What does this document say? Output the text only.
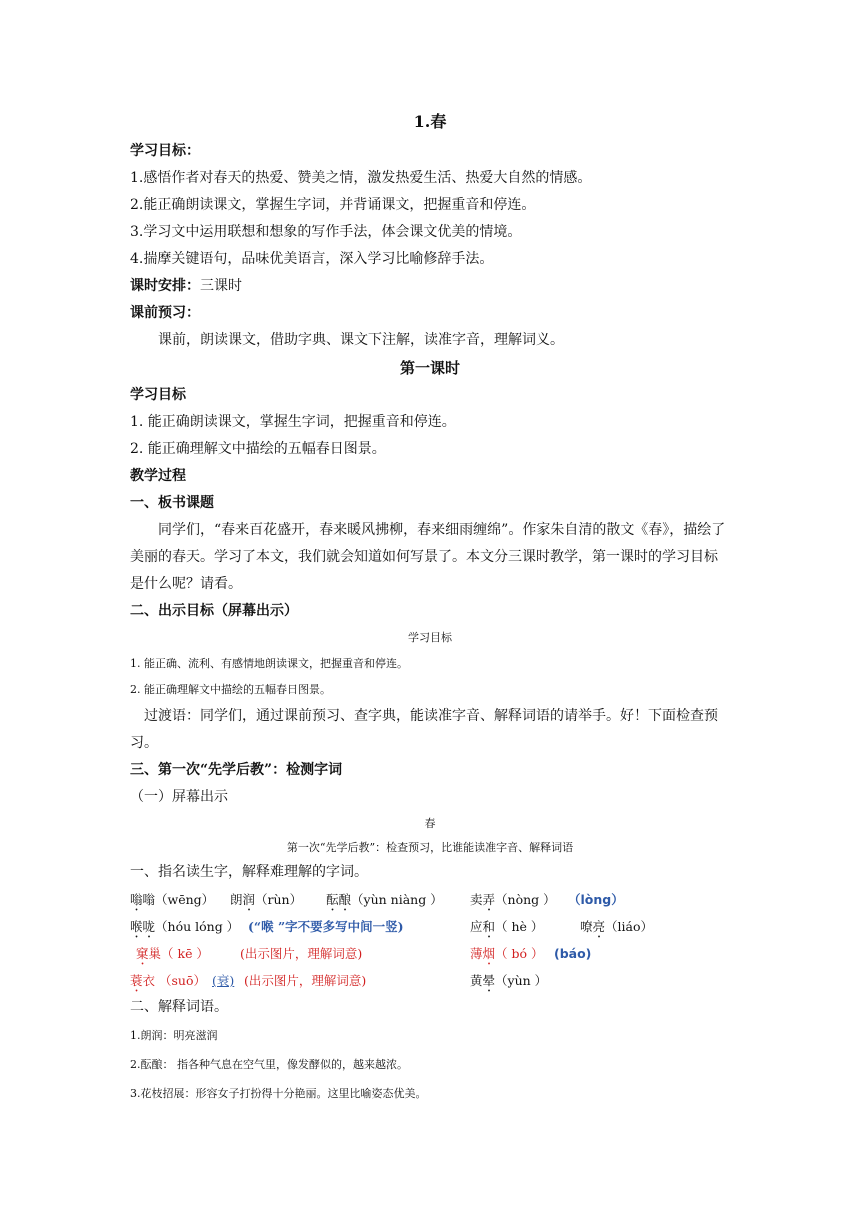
1.春

学习目标：

1.感悟作者对春天的热爱、赞美之情，激发热爱生活、热爱大自然的情感。

2.能正确朗读课文，掌握生字词，并背诵课文，把握重音和停连。

3.学习文中运用联想和想象的写作手法，体会课文优美的情境。

4.揣摩关键语句，品味优美语言，深入学习比喻修辞手法。

课时安排：三课时

课前预习：

课前，朗读课文，借助字典、课文下注解，读准字音，理解词义。

第一课时

学习目标

1. 能正确朗读课文，掌握生字词，把握重音和停连。

2. 能正确理解文中描绘的五幅春日图景。

教学过程

一、板书课题

同学们，“春来百花盛开，春来暖风拂柳，春来细雨缠绵”。作家朱自清的散文《春》，描绘了美丽的春天。学习了本文，我们就会知道如何写景了。本文分三课时教学，第一课时的学习目标是什么呢？请看。

二、出示目标（屏幕出示）

学习目标
1. 能正确、流利、有感情地朗读课文，把握重音和停连。
2. 能正确理解文中描绘的五幅春日图景。

过渡语：同学们，通过课前预习、查字典，能读准字音、解释词语的请举手。好！下面检查预习。

三、第一次“先学后教”：检测字词

（一）屏幕出示

春
第一次“先学后教”：检查预习，比谁能读准字音、解释词语

一、指名读生字，解释难理解的字词。

嗡嗡（wēng） 朗润（rùn） 酝酿（yùn niàng ） 卖弄（nòng ） （lòng）
喉咙（hóu lóng ） (“喉 ”字不要多写中间一竖)	应和（ hè ）	嘹亮（liáo）
窠巢（ kē ） (出示图片，理解词意)	薄烟（ bó ） (báo)
蓑衣 （suō） (衰) (出示图片，理解词意)	黄晕（yùn ）

二、解释词语。

1.朗润：明亮滋润
2.酝酿： 指各种气息在空气里，像发酵似的，越来越浓。
3.花枝招展：形容女子打扮得十分艳丽。这里比喻姿态优美。
